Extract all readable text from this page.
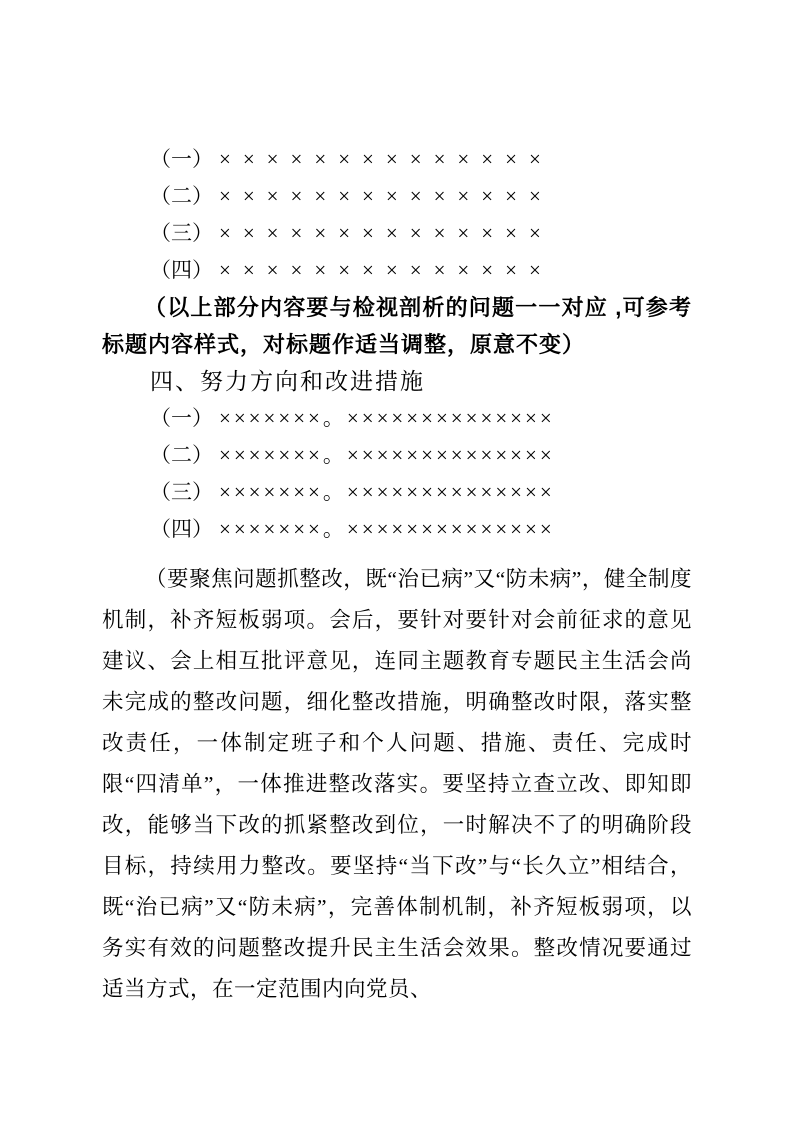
（一） ××××××××××××××
（二） ××××××××××××××
（三） ××××××××××××××
（四） ××××××××××××××

（以上部分内容要与检视剖析的问题一一对应 ,可参考标题内容样式，对标题作适当调整，原意不变）

四、努力方向和改进措施
（一） ×××××××。××××××××××××××
（二） ×××××××。××××××××××××××
（三） ×××××××。××××××××××××××
（四） ×××××××。××××××××××××××

（要聚焦问题抓整改，既“治已病”又“防未病”，健全制度机制，补齐短板弱项。会后，要针对要针对会前征求的意见建议、会上相互批评意见，连同主题教育专题民主生活会尚未完成的整改问题，细化整改措施，明确整改时限，落实整改责任，一体制定班子和个人问题、措施、责任、完成时限“四清单”，一体推进整改落实。要坚持立查立改、即知即改，能够当下改的抓紧整改到位，一时解决不了的明确阶段目标，持续用力整改。要坚持“当下改”与“长久立”相结合，既“治已病”又“防未病”，完善体制机制，补齐短板弱项，以务实有效的问题整改提升民主生活会效果。整改情况要通过适当方式，在一定范围内向党员、
